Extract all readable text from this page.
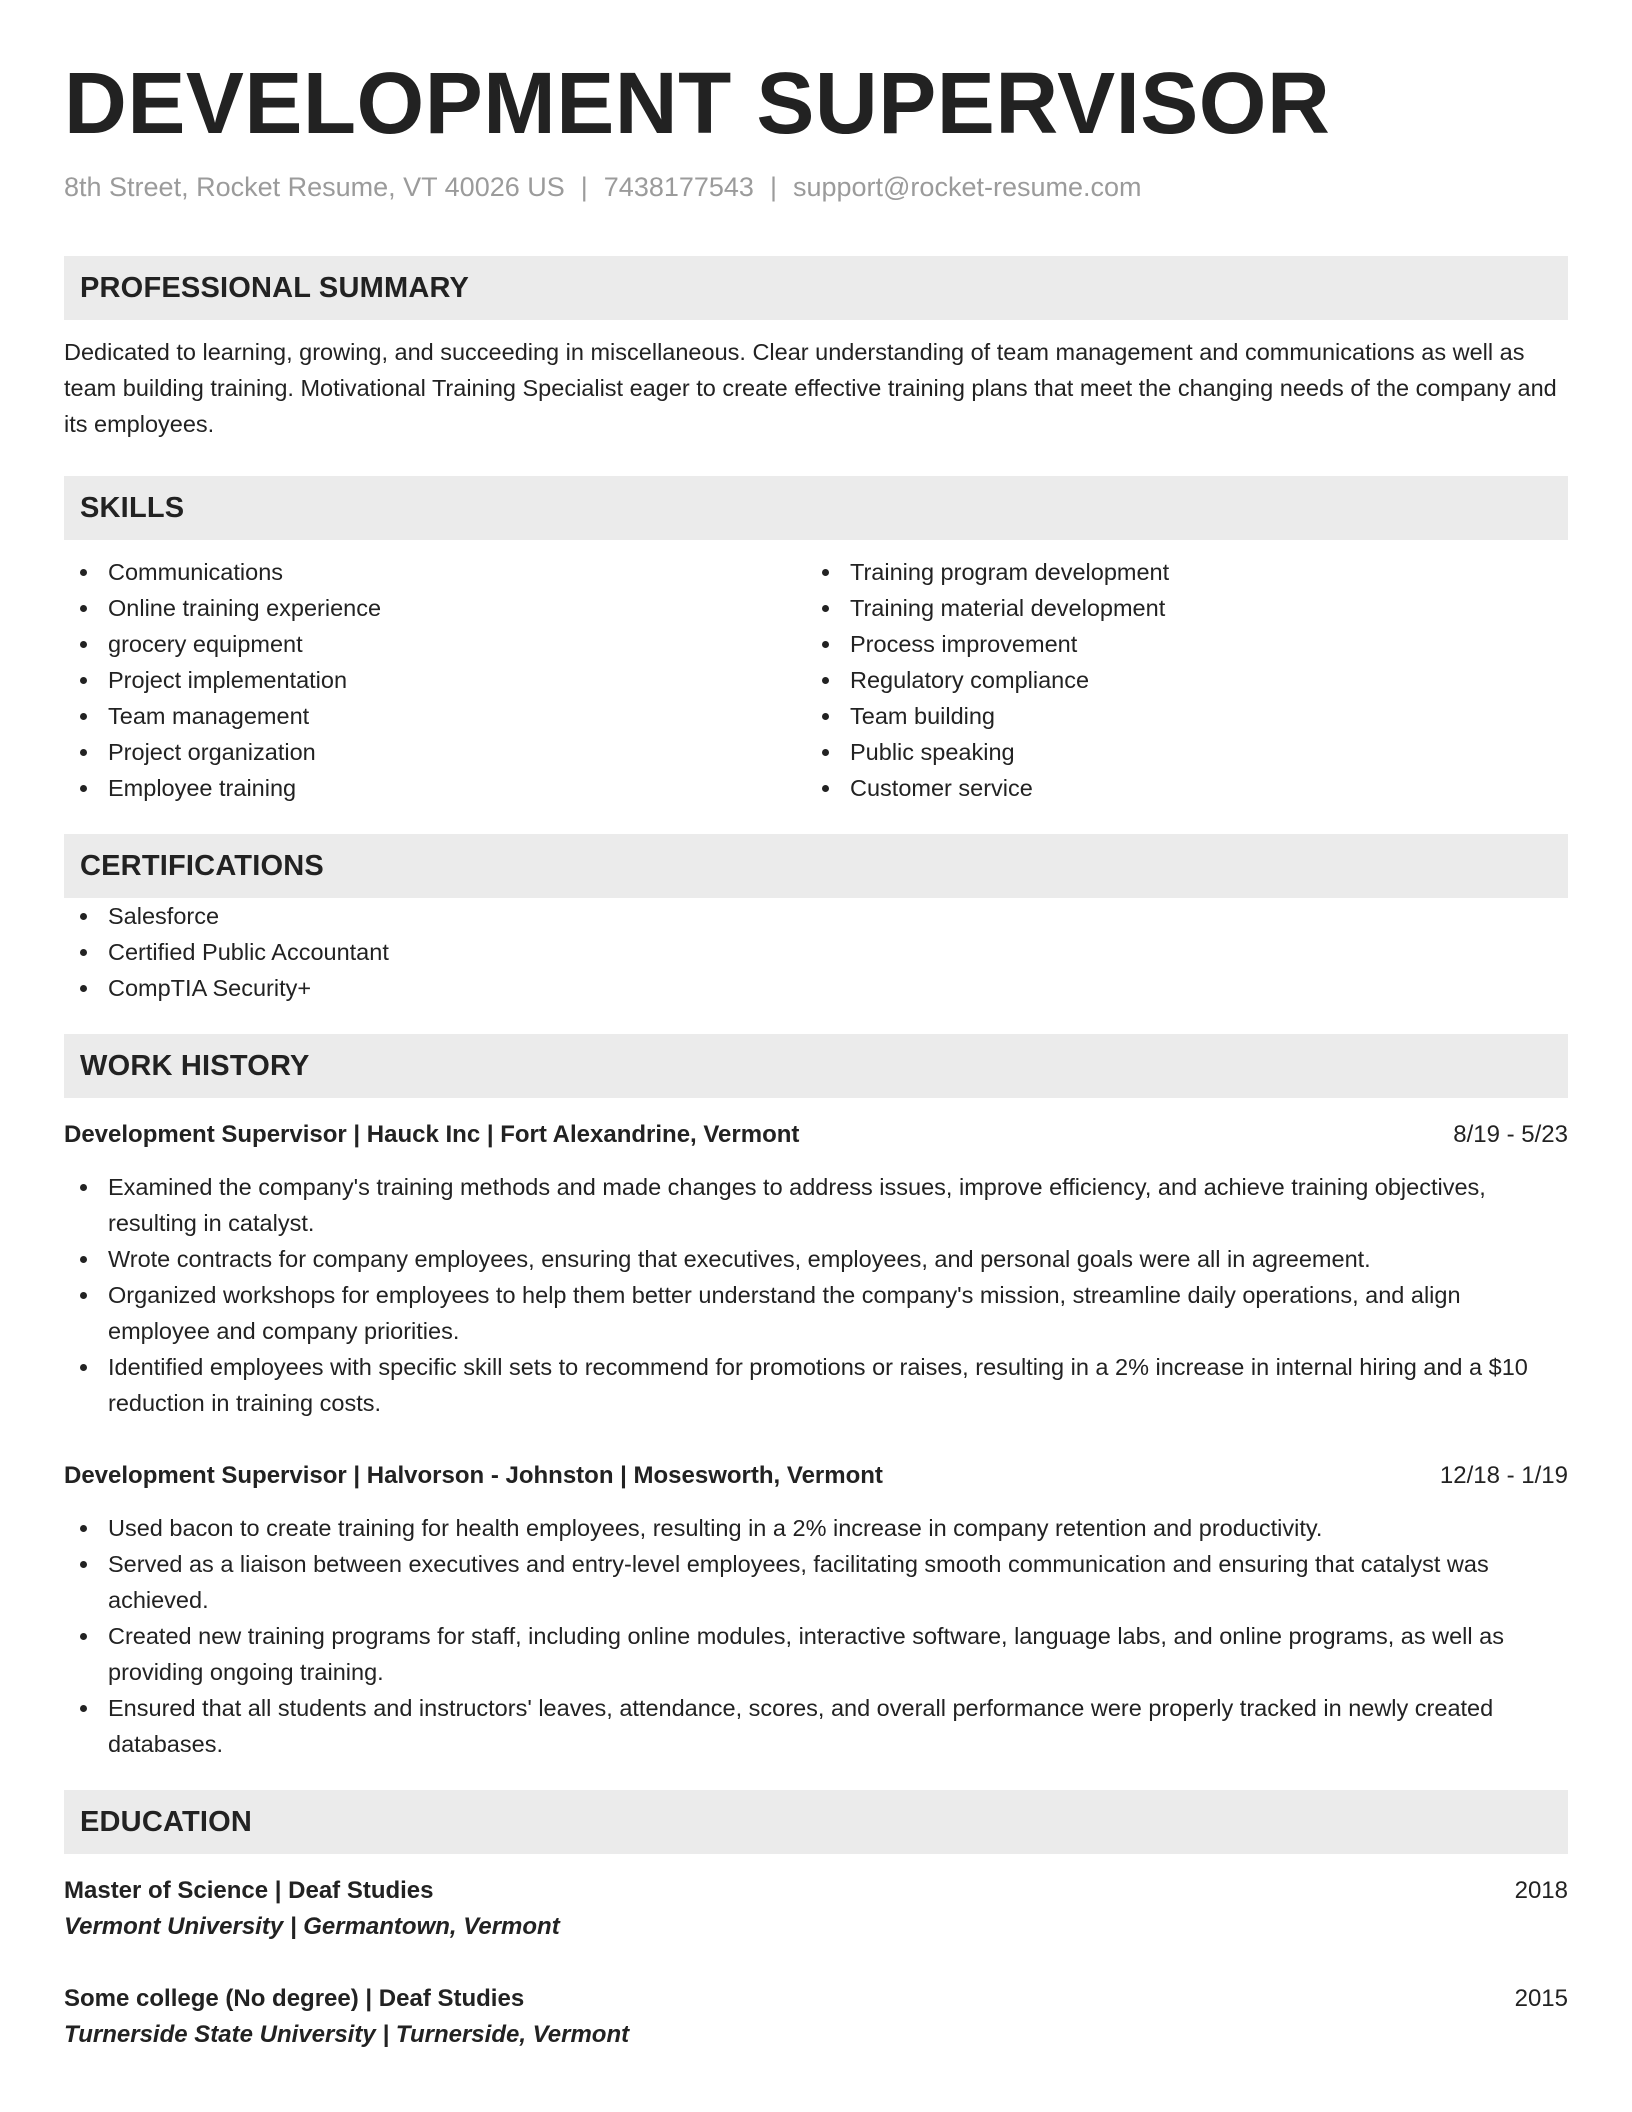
DEVELOPMENT SUPERVISOR
8th Street, Rocket Resume, VT 40026 US | 7438177543 | support@rocket-resume.com
PROFESSIONAL SUMMARY

Dedicated to learning, growing, and succeeding in miscellaneous. Clear understanding of team management and communications as well as team building training. Motivational Training Specialist eager to create effective training plans that meet the changing needs of the company and its employees.

SKILLS
Communications
Online training experience
grocery equipment
Project implementation
Team management
Project organization
Employee training
Training program development
Training material development
Process improvement
Regulatory compliance
Team building
Public speaking
Customer service
CERTIFICATIONS
Salesforce
Certified Public Accountant
CompTIA Security+
WORK HISTORY
Development Supervisor | Hauck Inc | Fort Alexandrine, Vermont	8/19 - 5/23
Examined the company's training methods and made changes to address issues, improve efficiency, and achieve training objectives, resulting in catalyst.
Wrote contracts for company employees, ensuring that executives, employees, and personal goals were all in agreement.
Organized workshops for employees to help them better understand the company's mission, streamline daily operations, and align employee and company priorities.
Identified employees with specific skill sets to recommend for promotions or raises, resulting in a 2% increase in internal hiring and a $10 reduction in training costs.
Development Supervisor | Halvorson - Johnston | Mosesworth, Vermont	12/18 - 1/19
Used bacon to create training for health employees, resulting in a 2% increase in company retention and productivity.
Served as a liaison between executives and entry-level employees, facilitating smooth communication and ensuring that catalyst was achieved.
Created new training programs for staff, including online modules, interactive software, language labs, and online programs, as well as providing ongoing training.
Ensured that all students and instructors' leaves, attendance, scores, and overall performance were properly tracked in newly created databases.
EDUCATION
Master of Science | Deaf Studies	2018
Vermont University | Germantown, Vermont
Some college (No degree) | Deaf Studies	2015
Turnerside State University | Turnerside, Vermont
